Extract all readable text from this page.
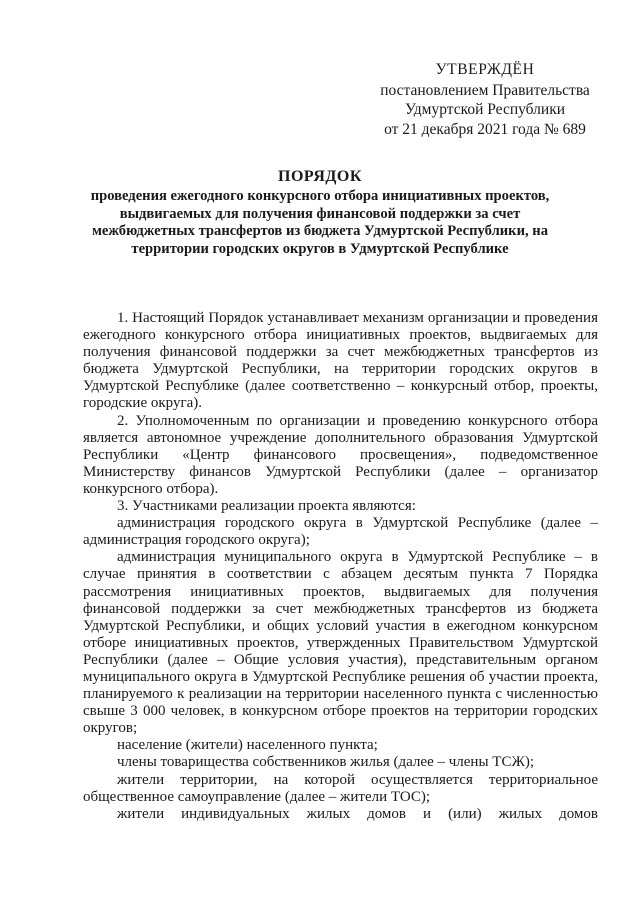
УТВЕРЖДЁН
постановлением Правительства
Удмуртской Республики
от 21 декабря 2021 года № 689
ПОРЯДОК
проведения ежегодного конкурсного отбора инициативных проектов, выдвигаемых для получения финансовой поддержки за счет межбюджетных трансфертов из бюджета Удмуртской Республики, на территории городских округов в Удмуртской Республике

1. Настоящий Порядок устанавливает механизм организации и проведения ежегодного конкурсного отбора инициативных проектов, выдвигаемых для получения финансовой поддержки за счет межбюджетных трансфертов из бюджета Удмуртской Республики, на территории городских округов в Удмуртской Республике (далее соответственно – конкурсный отбор, проекты, городские округа).

2. Уполномоченным по организации и проведению конкурсного отбора является автономное учреждение дополнительного образования Удмуртской Республики «Центр финансового просвещения», подведомственное Министерству финансов Удмуртской Республики (далее – организатор конкурсного отбора).

3. Участниками реализации проекта являются:

администрация городского округа в Удмуртской Республике (далее – администрация городского округа);

администрация муниципального округа в Удмуртской Республике – в случае принятия в соответствии с абзацем десятым пункта 7 Порядка рассмотрения инициативных проектов, выдвигаемых для получения финансовой поддержки за счет межбюджетных трансфертов из бюджета Удмуртской Республики, и общих условий участия в ежегодном конкурсном отборе инициативных проектов, утвержденных Правительством Удмуртской Республики (далее – Общие условия участия), представительным органом муниципального округа в Удмуртской Республике решения об участии проекта, планируемого к реализации на территории населенного пункта с численностью свыше 3 000 человек, в конкурсном отборе проектов на территории городских округов;

население (жители) населенного пункта;

члены товарищества собственников жилья (далее – члены ТСЖ);

жители территории, на которой осуществляется территориальное общественное самоуправление (далее – жители ТОС);

жители индивидуальных жилых домов и (или) жилых домов
